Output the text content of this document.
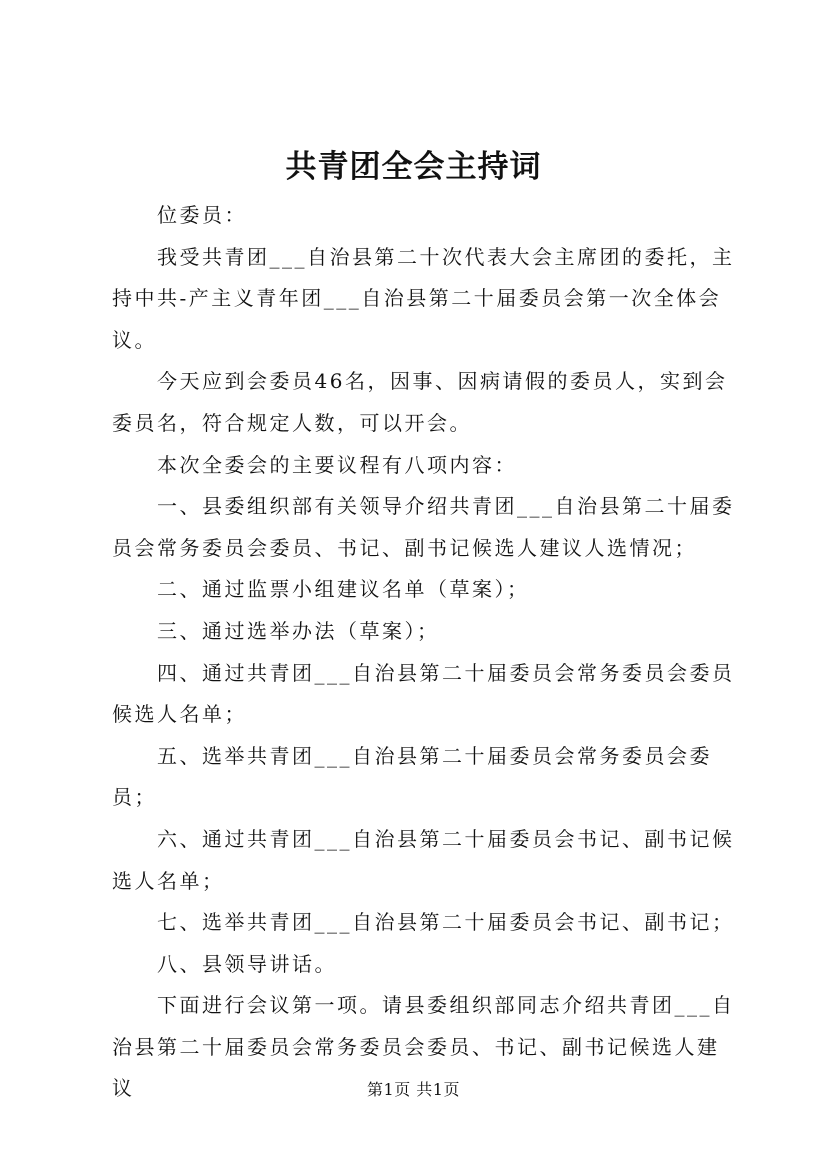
共青团全会主持词

位委员：

我受共青团___自治县第二十次代表大会主席团的委托，主持中共-产主义青年团___自治县第二十届委员会第一次全体会议。

今天应到会委员46名，因事、因病请假的委员人，实到会委员名，符合规定人数，可以开会。

本次全委会的主要议程有八项内容：

一、县委组织部有关领导介绍共青团___自治县第二十届委员会常务委员会委员、书记、副书记候选人建议人选情况；

二、通过监票小组建议名单（草案）；

三、通过选举办法（草案）；

四、通过共青团___自治县第二十届委员会常务委员会委员候选人名单；

五、选举共青团___自治县第二十届委员会常务委员会委员；

六、通过共青团___自治县第二十届委员会书记、副书记候选人名单；

七、选举共青团___自治县第二十届委员会书记、副书记；

八、县领导讲话。

下面进行会议第一项。请县委组织部同志介绍共青团___自治县第二十届委员会常务委员会委员、书记、副书记候选人建议	第1页 共1页
